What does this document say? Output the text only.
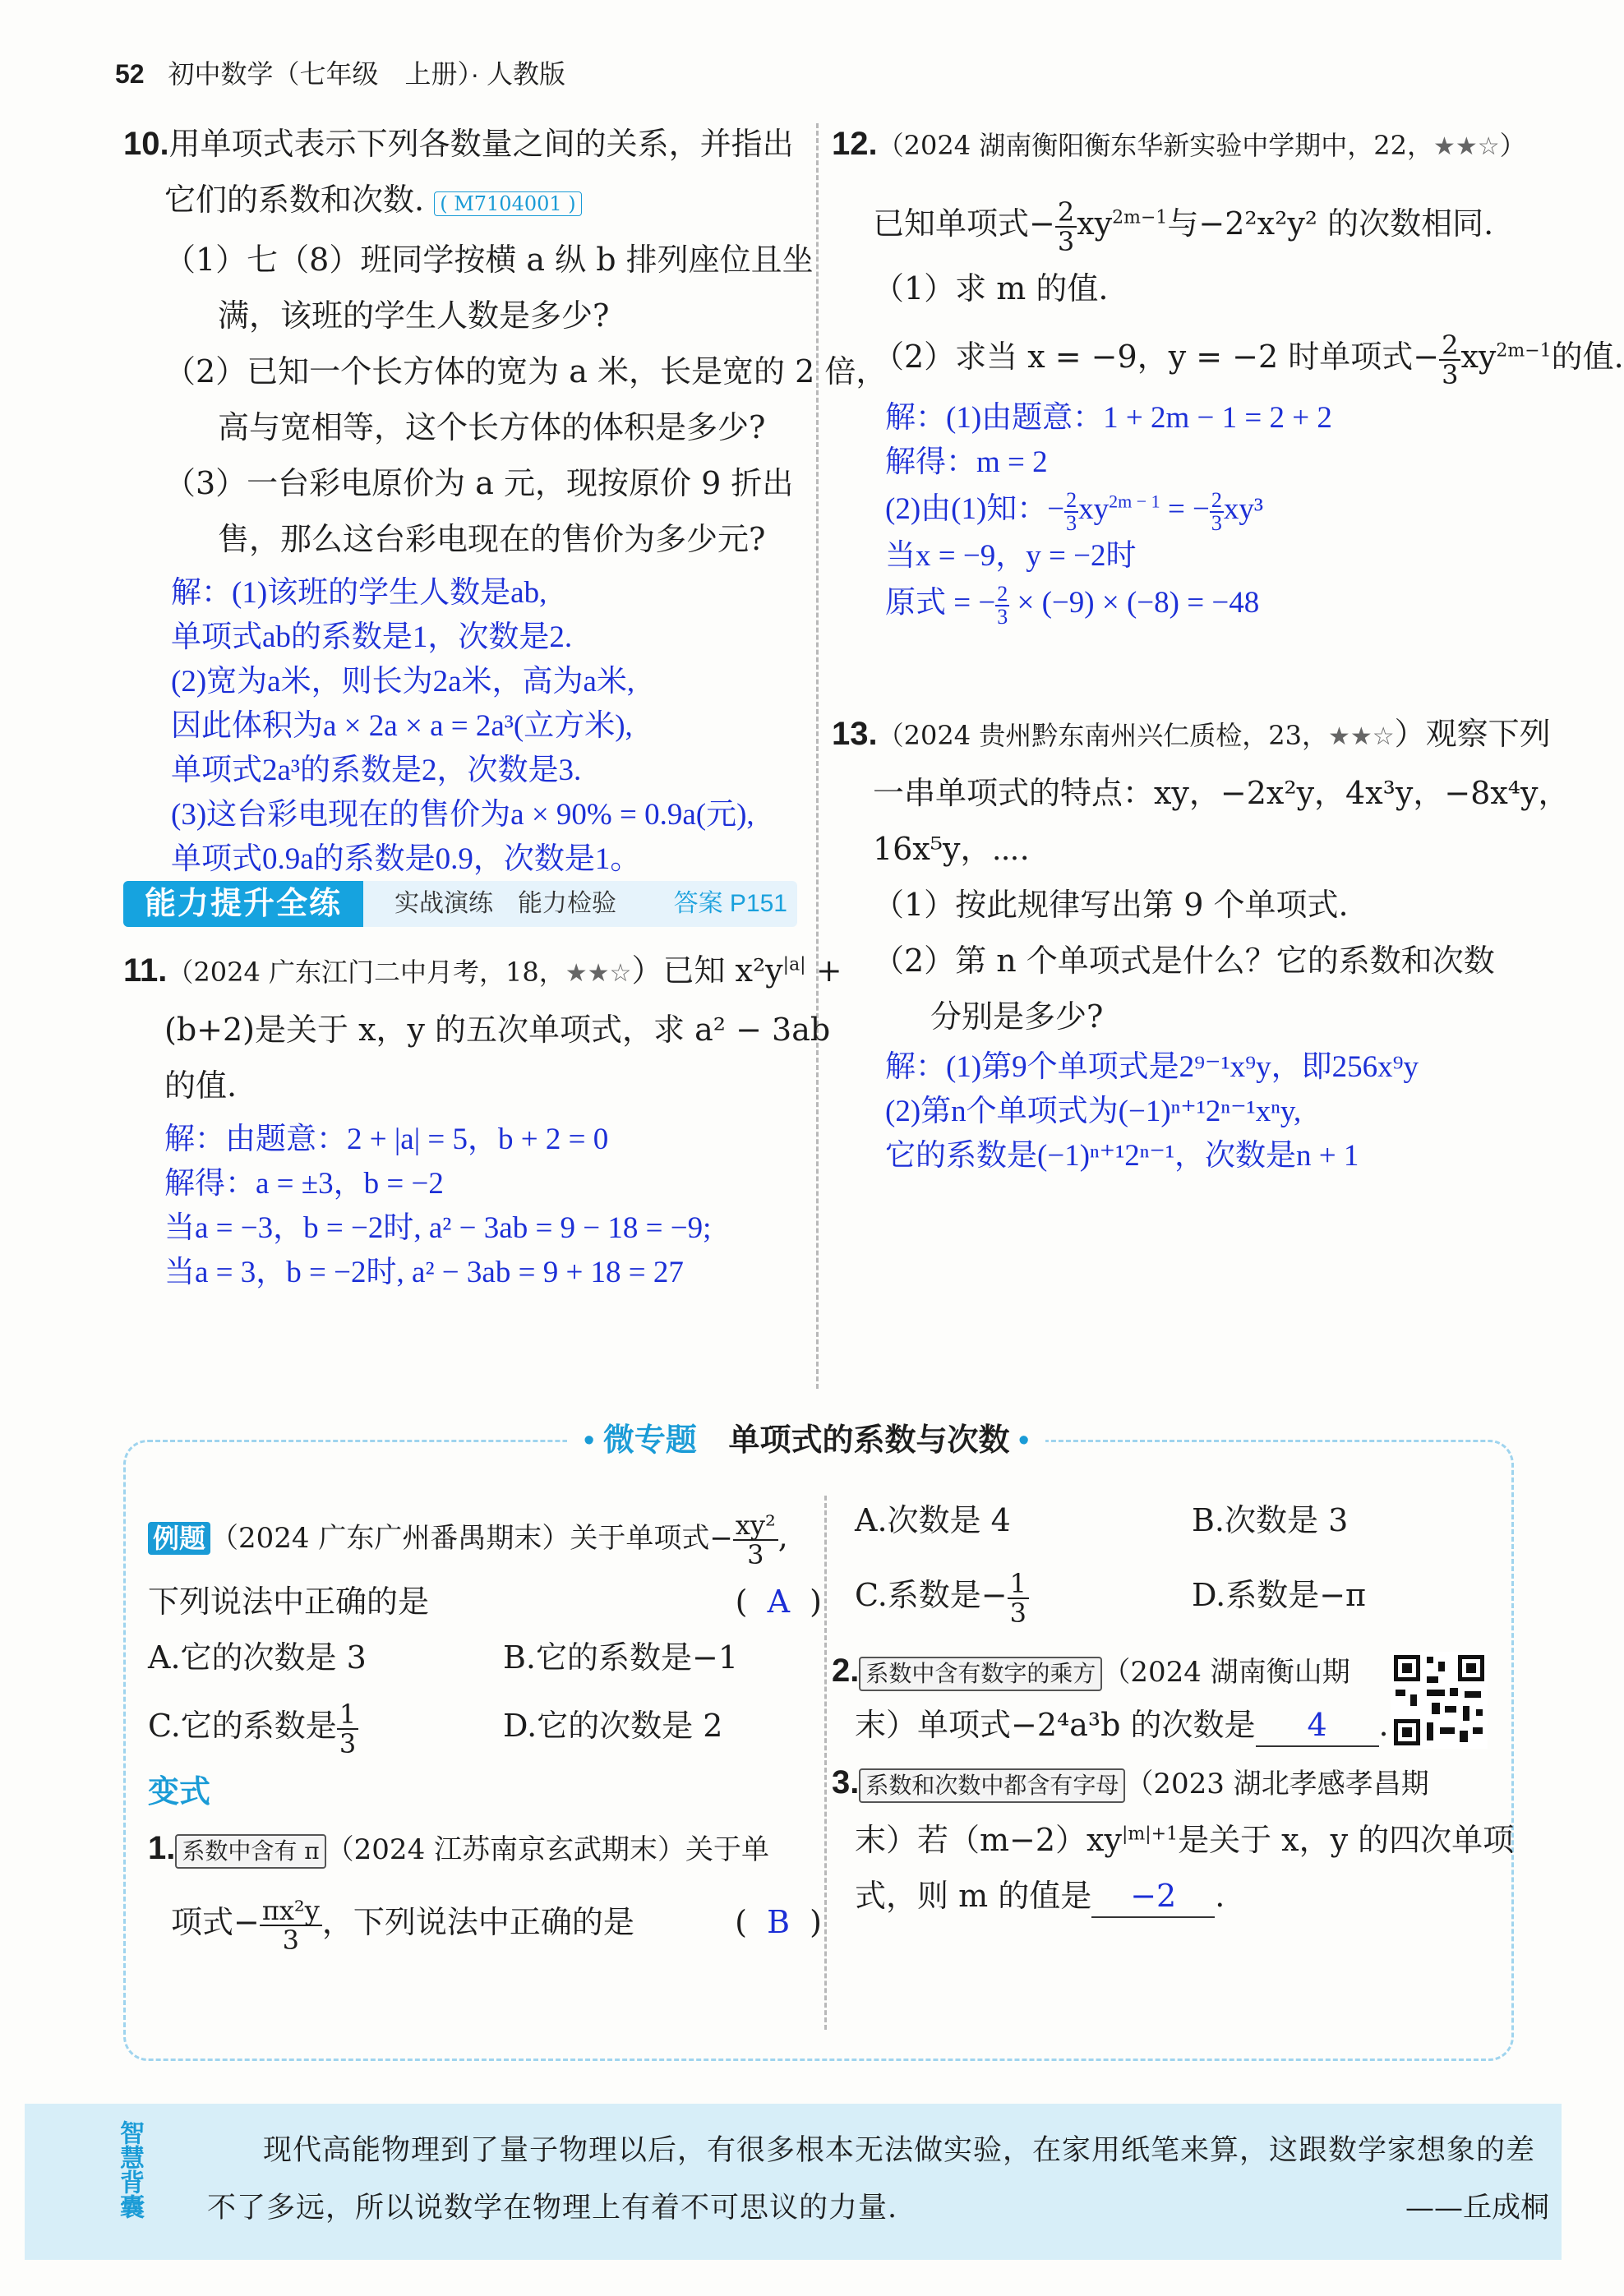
52 初中数学（七年级　上册）· 人教版
10.用单项式表示下列各数量之间的关系，并指出
它们的系数和次数. ( M7104001 )
（1）七（8）班同学按横 a 纵 b 排列座位且坐
满，该班的学生人数是多少?
（2）已知一个长方体的宽为 a 米，长是宽的 2 倍，
高与宽相等，这个长方体的体积是多少?
（3）一台彩电原价为 a 元，现按原价 9 折出
售，那么这台彩电现在的售价为多少元?
解：(1)该班的学生人数是ab,
单项式ab的系数是1，次数是2.
(2)宽为a米，则长为2a米，高为a米,
因此体积为a × 2a × a = 2a³(立方米),
单项式2a³的系数是2，次数是3.
(3)这台彩电现在的售价为a × 90% = 0.9a(元),
单项式0.9a的系数是0.9，次数是1。
能力提升全练	实战演练 能力检验 答案 P151
11.（2024 广东江门二中月考，18，★★☆）已知 $x^2y^{|a|}$ +
(b+2)是关于 x，y 的五次单项式，求 a² − 3ab
的值.
解：由题意：2 + |a| = 5，b + 2 = 0
解得：a = ±3，b = −2
当a = −3，b = −2时, a² − 3ab = 9 − 18 = −9;
当a = 3，b = −2时, a² − 3ab = 9 + 18 = 27
12.（2024 湖南衡阳衡东华新实验中学期中，22，★★☆）
已知单项式− $\frac{2}{3} xy^{2m-1}$与−2²x²y² 的次数相同.
（1）求 m 的值.
（2）求当 x = −9，y = −2 时单项式− $\frac{2}{3} xy^{2m-1}$的值.
解：(1)由题意：1 + 2m − 1 = 2 + 2
解得：m = 2
(2)由(1)知：− $\frac{2}{3} xy^{2m - 1}$ = − $\frac{2}{3} xy^3$
当x = −9，y = −2时
原式 = − $\frac{2}{3} \times (-9) \times (-8) = -48$
13.（2024 贵州黔东南州兴仁质检，23，★★☆）观察下列
一串单项式的特点：xy，−2x²y，4x³y，−8x⁴y，
16x⁵y，⋯.
（1）按此规律写出第 9 个单项式.
（2）第 n 个单项式是什么？它的系数和次数
分别是多少?
解：(1)第9个单项式是2⁹⁻¹x⁹y，即256x⁹y
(2)第n个单项式为(−1)ⁿ⁺¹2ⁿ⁻¹xⁿy,
它的系数是(−1)ⁿ⁺¹2ⁿ⁻¹，次数是n + 1
• 微专题 单项式的系数与次数 •
例题 （2024 广东广州番禺期末）关于单项式− $\frac{\text{xy²}}{3}$ ,
下列说法中正确的是	(  A  )
A.它的次数是 3	B.它的系数是−1
C.它的系数是 $\frac{1}{3}$	D.它的次数是 2
变式
1. 系数中含有 π （2024 江苏南京玄武期末）关于单
项式− $\frac{\text{πx²y}}{3}$ ，下列说法中正确的是	(  B  )
A.次数是 4	B.次数是 3
C.系数是− $\frac{1}{3}$	D.系数是−π
2. 系数中含有数字的乘方 （2024 湖南衡山期
末）单项式−2⁴a³b 的次数是 4 .
3. 系数和次数中都含有字母 （2023 湖北孝感孝昌期
末）若$(m-2)xy^{|m|+1}$是关于 x，y 的四次单项
式，则 m 的值是 −2 .
智慧背囊	现代高能物理到了量子物理以后，有很多根本无法做实验，在家用纸笔来算，这跟数学家想象的差
不了多远，所以说数学在物理上有着不可思议的力量.	——丘成桐
